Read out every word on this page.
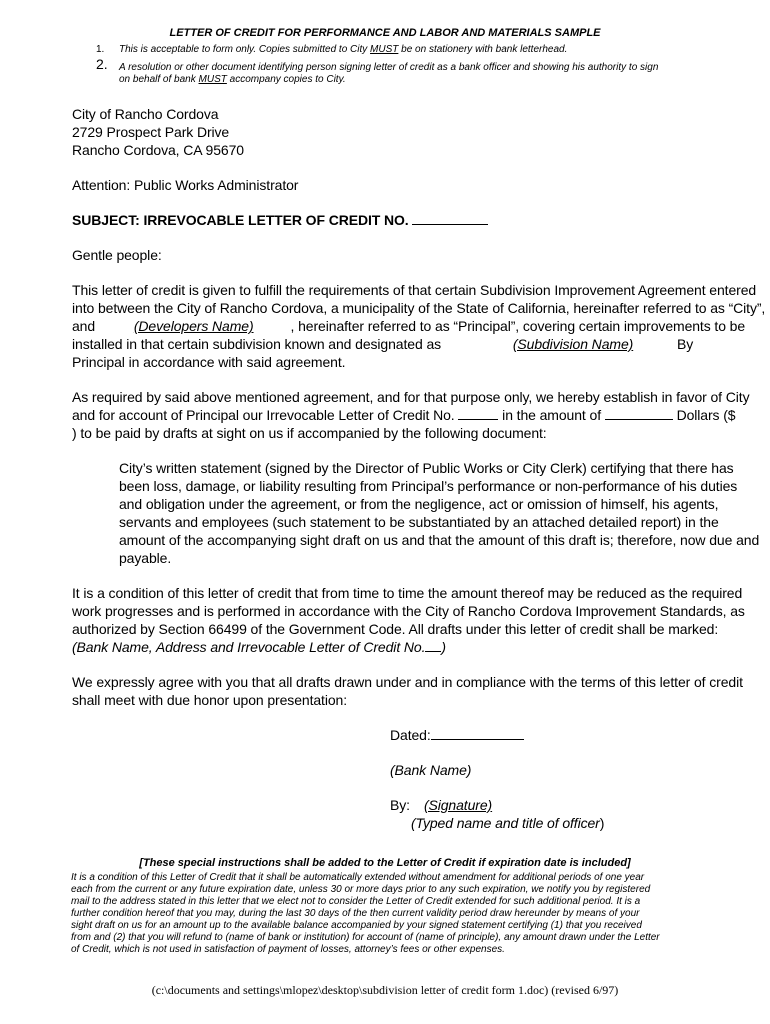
LETTER OF CREDIT FOR PERFORMANCE AND LABOR AND MATERIALS SAMPLE
1. This is acceptable to form only. Copies submitted to City MUST be on stationery with bank letterhead.
2. A resolution or other document identifying person signing letter of credit as a bank officer and showing his authority to sign
on behalf of bank MUST accompany copies to City.
City of Rancho Cordova
2729 Prospect Park Drive
Rancho Cordova, CA 95670
Attention: Public Works Administrator
SUBJECT: IRREVOCABLE LETTER OF CREDIT NO.
Gentle people:
This letter of credit is given to fulfill the requirements of that certain Subdivision Improvement Agreement entered
into between the City of Rancho Cordova, a municipality of the State of California, hereinafter referred to as “City”,
and	(Developers Name)	, hereinafter referred to as “Principal”, covering certain improvements to be
installed in that certain subdivision known and designated as	(Subdivision Name)	By
Principal in accordance with said agreement.
As required by said above mentioned agreement, and for that purpose only, we hereby establish in favor of City
and for account of Principal our Irrevocable Letter of Credit No.	in the amount of	Dollars ($
) to be paid by drafts at sight on us if accompanied by the following document:
City’s written statement (signed by the Director of Public Works or City Clerk) certifying that there has
been loss, damage, or liability resulting from Principal’s performance or non-performance of his duties
and obligation under the agreement, or from the negligence, act or omission of himself, his agents,
servants and employees (such statement to be substantiated by an attached detailed report) in the
amount of the accompanying sight draft on us and that the amount of this draft is; therefore, now due and
payable.
It is a condition of this letter of credit that from time to time the amount thereof may be reduced as the required
work progresses and is performed in accordance with the City of Rancho Cordova Improvement Standards, as
authorized by Section 66499 of the Government Code. All drafts under this letter of credit shall be marked:
(Bank Name, Address and Irrevocable Letter of Credit No. )
We expressly agree with you that all drafts drawn under and in compliance with the terms of this letter of credit
shall meet with due honor upon presentation:
Dated:
(Bank Name)
By: (Signature)
(Typed name and title of officer)
[These special instructions shall be added to the Letter of Credit if expiration date is included]
It is a condition of this Letter of Credit that it shall be automatically extended without amendment for additional periods of one year
each from the current or any future expiration date, unless 30 or more days prior to any such expiration, we notify you by registered
mail to the address stated in this letter that we elect not to consider the Letter of Credit extended for such additional period. It is a
further condition hereof that you may, during the last 30 days of the then current validity period draw hereunder by means of your
sight draft on us for an amount up to the available balance accompanied by your signed statement certifying (1) that you received
from and (2) that you will refund to (name of bank or institution) for account of (name of principle), any amount drawn under the Letter
of Credit, which is not used in satisfaction of payment of losses, attorney’s fees or other expenses.
(c:\documents and settings\mlopez\desktop\subdivision letter of credit form 1.doc) (revised 6/97)
